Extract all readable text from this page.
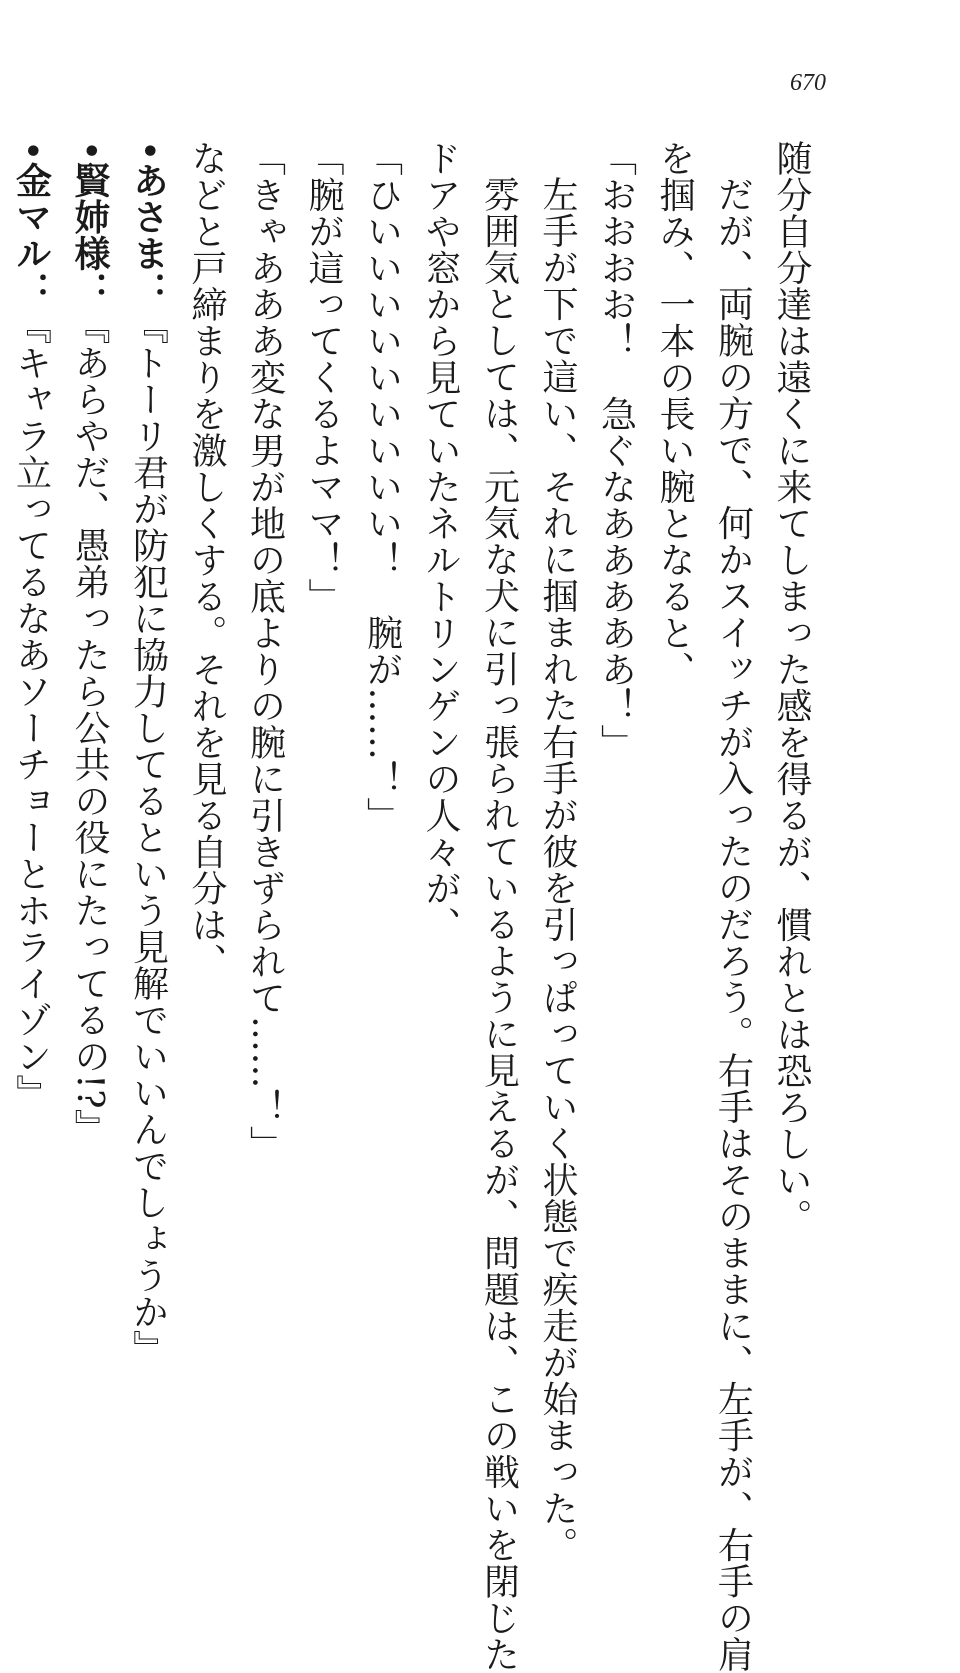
670
随分自分達は遠くに来てしまった感を得るが、慣れとは恐ろしい。
だが、両腕の方で、何かスイッチが入ったのだろう。右手はそのままに、左手が、右手の肩
を掴み、一本の長い腕となると、
「おおおお！　急ぐなあああああ！」
左手が下で這い、それに掴まれた右手が彼を引っぱっていく状態で疾走が始まった。
雰囲気としては、元気な犬に引っ張られているように見えるが、問題は、この戦いを閉じた
ドアや窓から見ていたネルトリンゲンの人々が、
「ひいいいいいいいいい！　腕が……！」
「腕が這ってくるよママ！」
「きゃあああ変な男が地の底よりの腕に引きずられて……！」
などと戸締まりを激しくする。それを見る自分は、
•あさま：『トーリ君が防犯に協力してるという見解でいいんでしょうか』
•賢姉様：『あらやだ、愚弟ったら公共の役にたってるの!?』
•金マル：『キャラ立ってるなあソーチョーとホライゾン』
